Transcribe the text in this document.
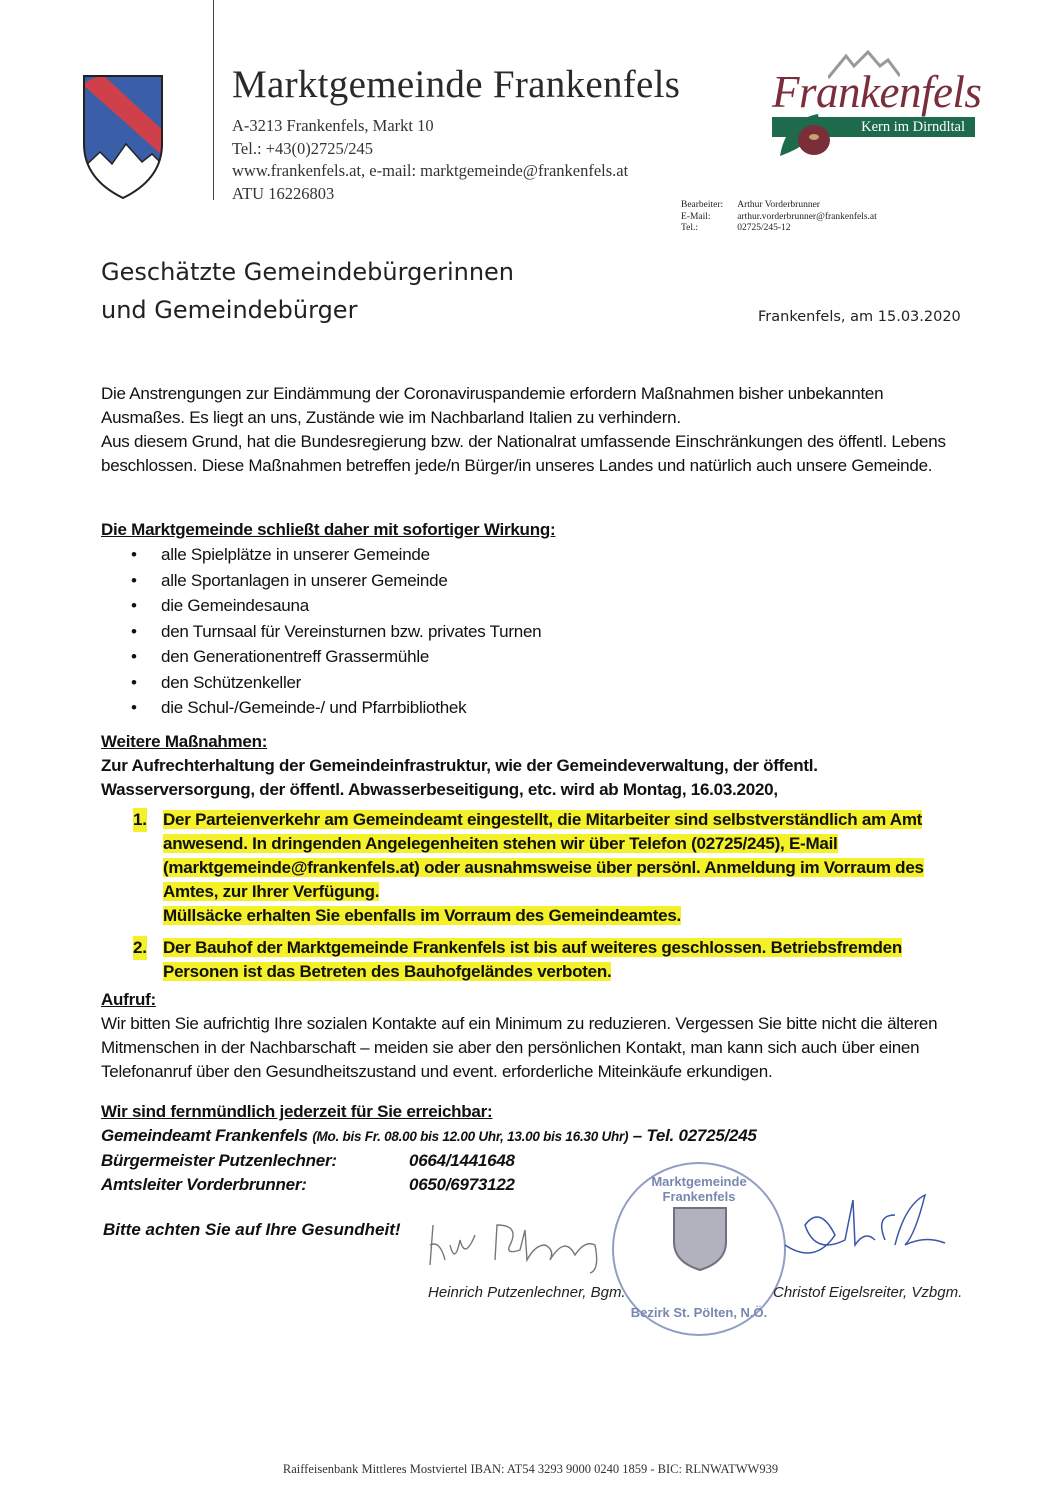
Marktgemeinde Frankenfels
A-3213 Frankenfels, Markt 10
Tel.: +43(0)2725/245
www.frankenfels.at, e-mail: marktgemeinde@frankenfels.at
ATU 16226803
Frankenfels
Kern im Dirndltal
Bearbeiter:	Arthur Vorderbrunner
E-Mail:	arthur.vorderbrunner@frankenfels.at
Tel.:	02725/245-12
Geschätzte Gemeindebürgerinnen
und Gemeindebürger	Frankenfels, am 15.03.2020
Die Anstrengungen zur Eindämmung der Coronaviruspandemie erfordern Maßnahmen bisher unbekannten Ausmaßes. Es liegt an uns, Zustände wie im Nachbarland Italien zu verhindern.
Aus diesem Grund, hat die Bundesregierung bzw. der Nationalrat umfassende Einschränkungen des öffentl. Lebens beschlossen. Diese Maßnahmen betreffen jede/n Bürger/in unseres Landes und natürlich auch unsere Gemeinde.
Die Marktgemeinde schließt daher mit sofortiger Wirkung:
• alle Spielplätze in unserer Gemeinde
• alle Sportanlagen in unserer Gemeinde
• die Gemeindesauna
• den Turnsaal für Vereinsturnen bzw. privates Turnen
• den Generationentreff Grassermühle
• den Schützenkeller
• die Schul-/Gemeinde-/ und Pfarrbibliothek
Weitere Maßnahmen:
Zur Aufrechterhaltung der Gemeindeinfrastruktur, wie der Gemeindeverwaltung, der öffentl. Wasserversorgung, der öffentl. Abwasserbeseitigung, etc. wird ab Montag, 16.03.2020,
1. Der Parteienverkehr am Gemeindeamt eingestellt, die Mitarbeiter sind selbstverständlich am Amt anwesend. In dringenden Angelegenheiten stehen wir über Telefon (02725/245), E-Mail (marktgemeinde@frankenfels.at) oder ausnahmsweise über persönl. Anmeldung im Vorraum des Amtes, zur Ihrer Verfügung.
Müllsäcke erhalten Sie ebenfalls im Vorraum des Gemeindeamtes.
2. Der Bauhof der Marktgemeinde Frankenfels ist bis auf weiteres geschlossen. Betriebsfremden Personen ist das Betreten des Bauhofgeländes verboten.
Aufruf:
Wir bitten Sie aufrichtig Ihre sozialen Kontakte auf ein Minimum zu reduzieren. Vergessen Sie bitte nicht die älteren Mitmenschen in der Nachbarschaft – meiden sie aber den persönlichen Kontakt, man kann sich auch über einen Telefonanruf über den Gesundheitszustand und event. erforderliche Miteinkäufe erkundigen.
Wir sind fernmündlich jederzeit für Sie erreichbar:
Gemeindeamt Frankenfels (Mo. bis Fr. 08.00 bis 12.00 Uhr, 13.00 bis 16.30 Uhr) – Tel. 02725/245
Bürgermeister Putzenlechner:	0664/1441648
Amtsleiter Vorderbrunner:	0650/6973122
Bitte achten Sie auf Ihre Gesundheit!
Heinrich Putzenlechner, Bgm.
Marktgemeinde Frankenfels
Bezirk St. Pölten, N.Ö.
Christof Eigelsreiter, Vzbgm.
Raiffeisenbank Mittleres Mostviertel IBAN: AT54 3293 9000 0240 1859 - BIC: RLNWATWW939
